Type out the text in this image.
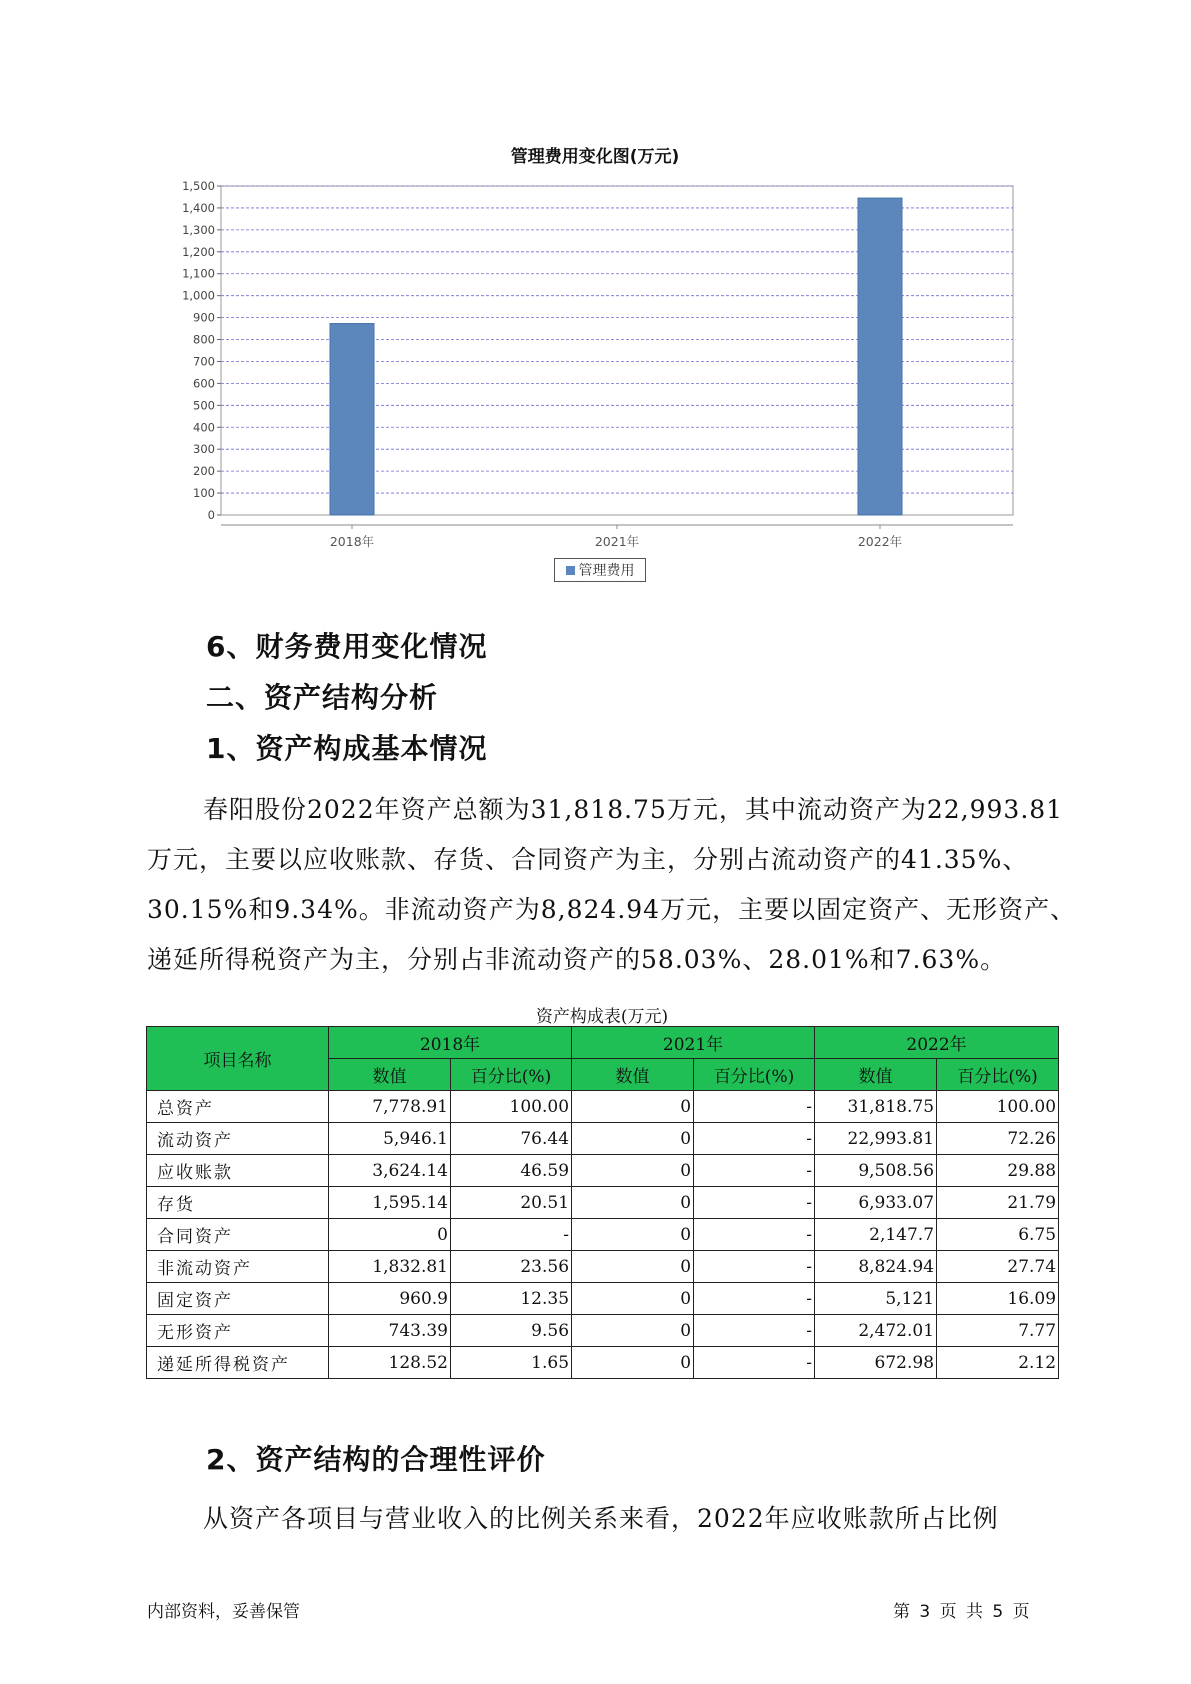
管理费用变化图(万元)
0
100
200
300
400
500
600
700
800
900
1,000
1,100
1,200
1,300
1,400
1,500
2018年	2021年	2022年
管理费用
6、财务费用变化情况
二、资产结构分析
1、资产构成基本情况
春阳股份2022年资产总额为31,818.75万元，其中流动资产为22,993.81
万元，主要以应收账款、存货、合同资产为主，分别占流动资产的41.35%、
30.15%和9.34%。非流动资产为8,824.94万元，主要以固定资产、无形资产、
递延所得税资产为主，分别占非流动资产的58.03%、28.01%和7.63%。
资产构成表(万元)
项目名称	2018年		2021年		2022年	
	数值	百分比(%)	数值	百分比(%)	数值	百分比(%)
总资产	7,778.91	100.00	0	-	31,818.75	100.00
流动资产	5,946.1	76.44	0	-	22,993.81	72.26
应收账款	3,624.14	46.59	0	-	9,508.56	29.88
存货	1,595.14	20.51	0	-	6,933.07	21.79
合同资产	0	-	0	-	2,147.7	6.75
非流动资产	1,832.81	23.56	0	-	8,824.94	27.74
固定资产	960.9	12.35	0	-	5,121	16.09
无形资产	743.39	9.56	0	-	2,472.01	7.77
递延所得税资产	128.52	1.65	0	-	672.98	2.12
2、资产结构的合理性评价
从资产各项目与营业收入的比例关系来看，2022年应收账款所占比例
内部资料，妥善保管	第 3 页 共 5 页
